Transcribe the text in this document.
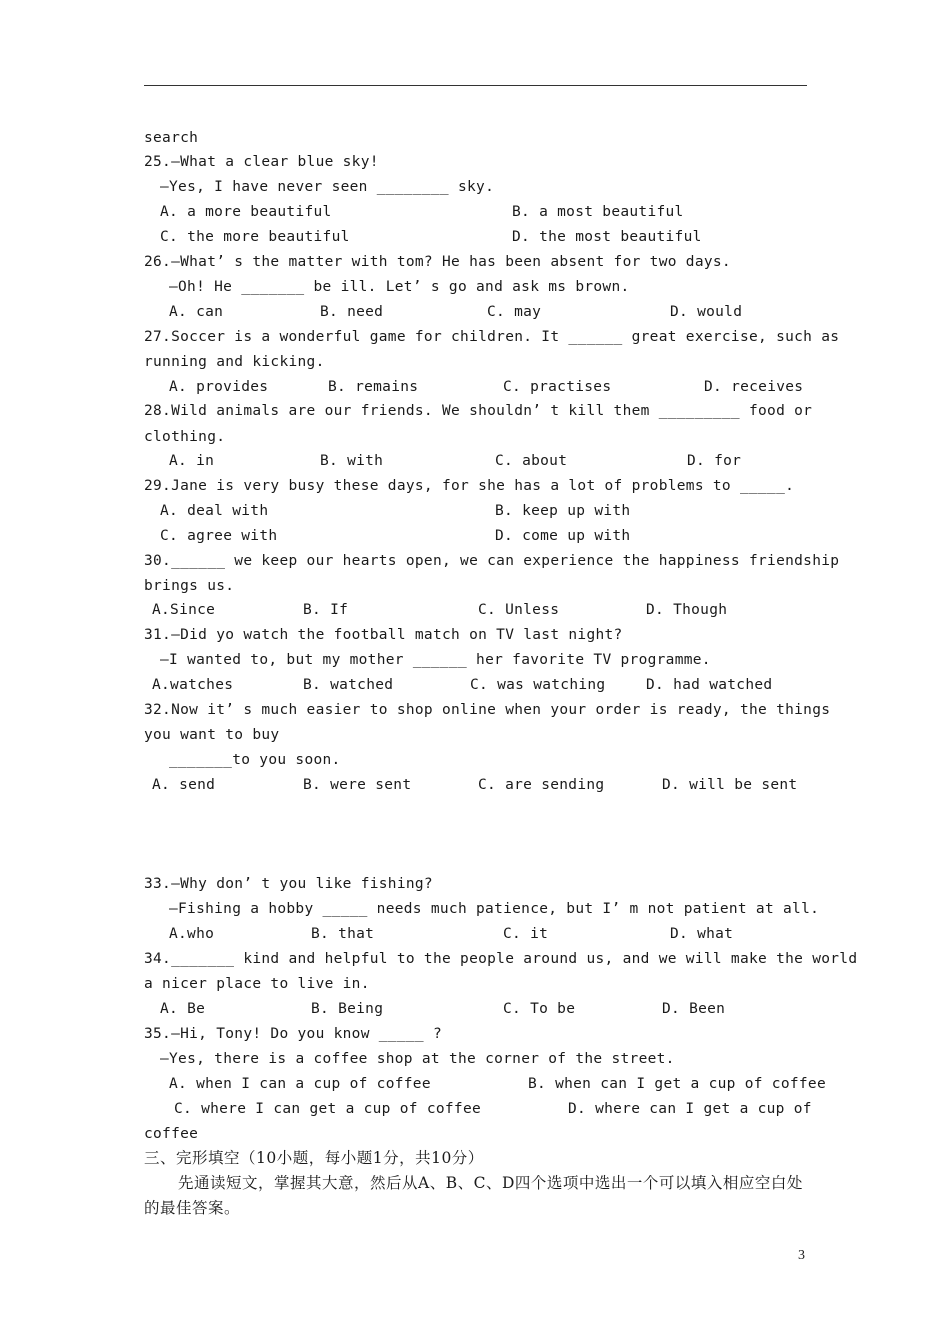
search
25.—What a clear blue sky!
—Yes, I have never seen ________ sky.
A. a more beautiful	B. a most beautiful
C. the more beautiful	D. the most beautiful
26.—What’ s the matter with tom? He has been absent for two days.
—Oh! He _______ be ill. Let’ s go and ask ms brown.
A. can	B. need	C. may	D. would
27.Soccer is a wonderful game for children. It ______ great exercise, such as
running and kicking.
A. provides	B. remains	C. practises	D. receives
28.Wild animals are our friends. We shouldn’ t kill them _________ food or
clothing.
A. in	B. with	C. about	D. for
29.Jane is very busy these days, for she has a lot of problems to _____.
A. deal with	B. keep up with
C. agree with	D. come up with
30.______ we keep our hearts open, we can experience the happiness friendship
brings us.
A.Since	B. If	C. Unless	D. Though
31.—Did yo watch the football match on TV last night?
—I wanted to, but my mother ______ her favorite TV programme.
A.watches	B. watched	C. was watching	D. had watched
32.Now it’ s much easier to shop online when your order is ready, the things
you want to buy
_______to you soon.
A. send	B. were sent	C. are sending	D. will be sent
33.—Why don’ t you like fishing?
—Fishing a hobby _____ needs much patience, but I’ m not patient at all.
A.who	B. that	C. it	D. what
34._______ kind and helpful to the people around us, and we will make the world
a nicer place to live in.
A. Be	B. Being	C. To be	D. Been
35.—Hi, Tony! Do you know _____ ?
—Yes, there is a coffee shop at the corner of the street.
A. when I can a cup of coffee	B. when can I get a cup of coffee
C. where I can get a cup of coffee	D. where can I get a cup of
coffee
三、完形填空（10小题，每小题1分，共10分）
先通读短文，掌握其大意，然后从A、B、C、D四个选项中选出一个可以填入相应空白处
的最佳答案。
3
